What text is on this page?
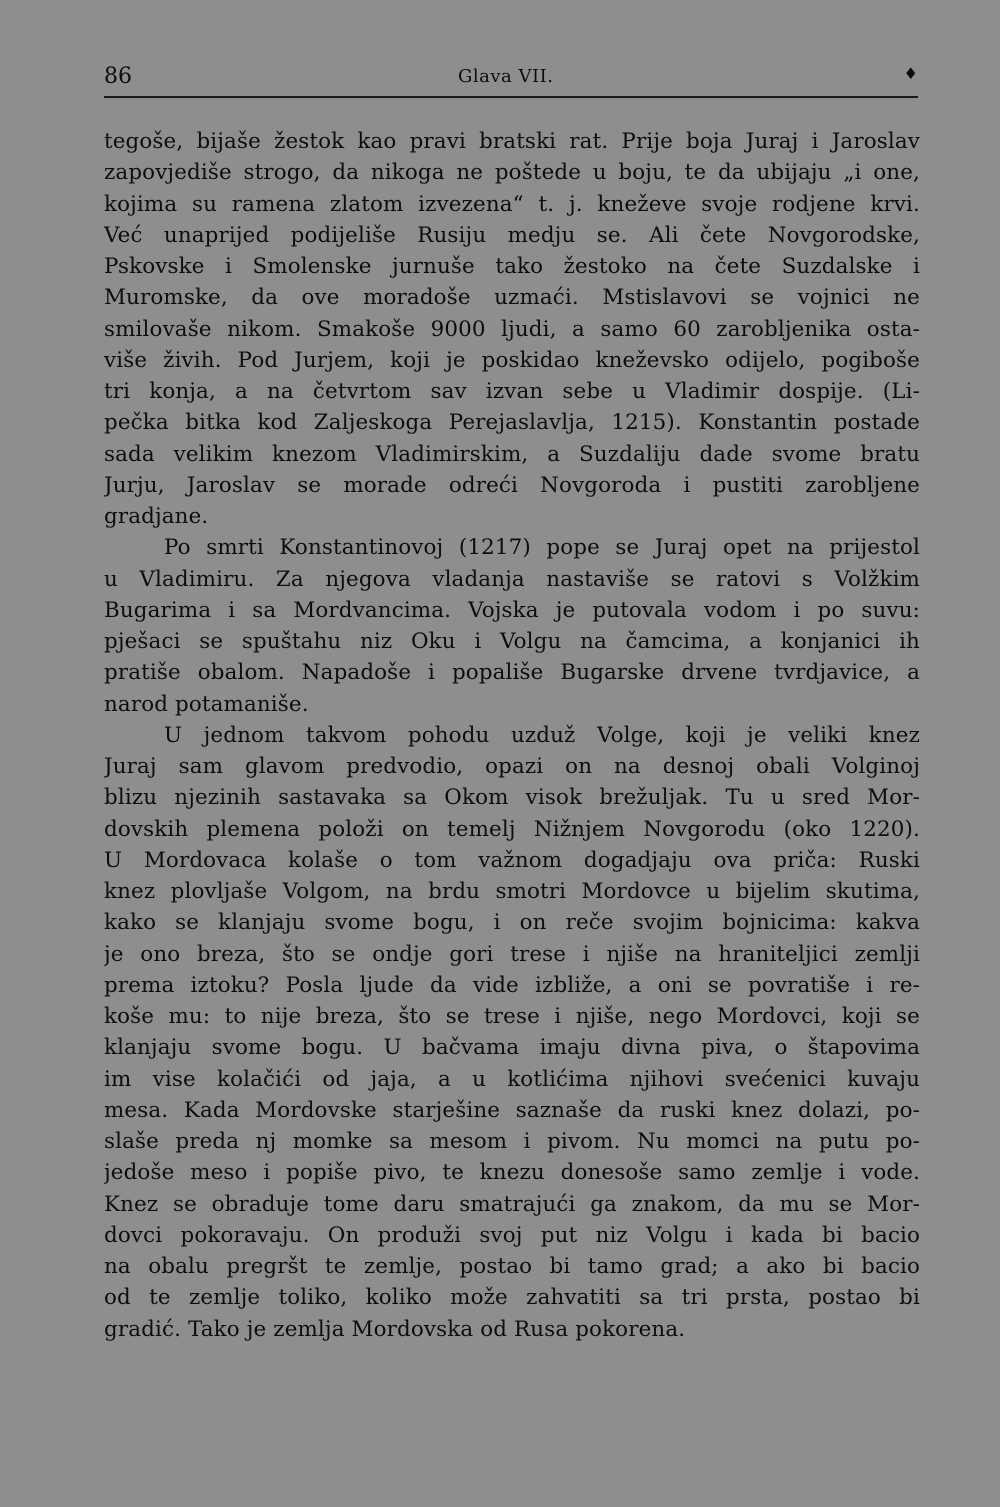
86	Glava VII.	♦
tegoše, bijaše žestok kao pravi bratski rat. Prije boja Juraj i Jaroslav
zapovjediše strogo, da nikoga ne poštede u boju, te da ubijaju „i one,
kojima su ramena zlatom izvezena“ t. j. kneževe svoje rodjene krvi.
Već unaprijed podijeliše Rusiju medju se. Ali čete Novgorodske,
Pskovske i Smolenske jurnuše tako žestoko na čete Suzdalske i
Muromske, da ove moradoše uzmaći. Mstislavovi se vojnici ne
smilovaše nikom. Smakoše 9000 ljudi, a samo 60 zarobljenika osta-
više živih. Pod Jurjem, koji je poskidao kneževsko odijelo, pogiboše
tri konja, a na četvrtom sav izvan sebe u Vladimir dospije. (Li-
pečka bitka kod Zaljeskoga Perejaslavlja, 1215). Konstantin postade
sada velikim knezom Vladimirskim, a Suzdaliju dade svome bratu
Jurju, Jaroslav se morade odreći Novgoroda i pustiti zarobljene
gradjane.
Po smrti Konstantinovoj (1217) pope se Juraj opet na prijestol
u Vladimiru. Za njegova vladanja nastaviše se ratovi s Volžkim
Bugarima i sa Mordvancima. Vojska je putovala vodom i po suvu:
pješaci se spuštahu niz Oku i Volgu na čamcima, a konjanici ih
pratiše obalom. Napadoše i popališe Bugarske drvene tvrdjavice, a
narod potamaniše.
U jednom takvom pohodu uzduž Volge, koji je veliki knez
Juraj sam glavom predvodio, opazi on na desnoj obali Volginoj
blizu njezinih sastavaka sa Okom visok brežuljak. Tu u sred Mor-
dovskih plemena položi on temelj Nižnjem Novgorodu (oko 1220).
U Mordovaca kolaše o tom važnom dogadjaju ova priča: Ruski
knez plovljaše Volgom, na brdu smotri Mordovce u bijelim skutima,
kako se klanjaju svome bogu, i on reče svojim bojnicima: kakva
je ono breza, što se ondje gori trese i njiše na hraniteljici zemlji
prema iztoku? Posla ljude da vide izbliže, a oni se povratiše i re-
koše mu: to nije breza, što se trese i njiše, nego Mordovci, koji se
klanjaju svome bogu. U bačvama imaju divna piva, o štapovima
im vise kolačići od jaja, a u kotlićima njihovi svećenici kuvaju
mesa. Kada Mordovske starješine saznaše da ruski knez dolazi, po-
slaše preda nj momke sa mesom i pivom. Nu momci na putu po-
jedoše meso i popiše pivo, te knezu donesoše samo zemlje i vode.
Knez se obraduje tome daru smatrajući ga znakom, da mu se Mor-
dovci pokoravaju. On produži svoj put niz Volgu i kada bi bacio
na obalu pregršt te zemlje, postao bi tamo grad; a ako bi bacio
od te zemlje toliko, koliko može zahvatiti sa tri prsta, postao bi
gradić. Tako je zemlja Mordovska od Rusa pokorena.
